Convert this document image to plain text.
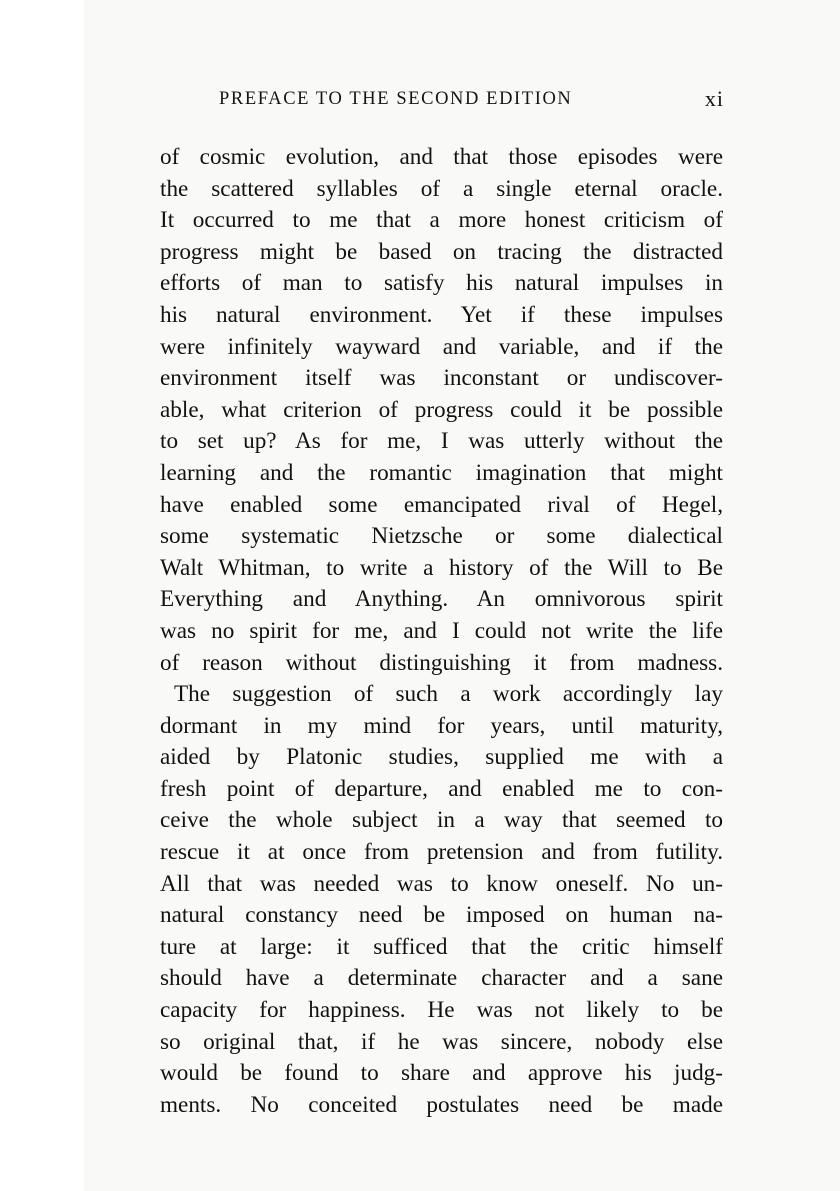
PREFACE TO THE SECOND EDITION	xi
of cosmic evolution, and that those episodes were
the scattered syllables of a single eternal oracle.
It occurred to me that a more honest criticism of
progress might be based on tracing the distracted
efforts of man to satisfy his natural impulses in
his natural environment. Yet if these impulses
were infinitely wayward and variable, and if the
environment itself was inconstant or undiscover-
able, what criterion of progress could it be possible
to set up? As for me, I was utterly without the
learning and the romantic imagination that might
have enabled some emancipated rival of Hegel,
some systematic Nietzsche or some dialectical
Walt Whitman, to write a history of the Will to Be
Everything and Anything. An omnivorous spirit
was no spirit for me, and I could not write the life
of reason without distinguishing it from madness.
The suggestion of such a work accordingly lay
dormant in my mind for years, until maturity,
aided by Platonic studies, supplied me with a
fresh point of departure, and enabled me to con-
ceive the whole subject in a way that seemed to
rescue it at once from pretension and from futility.
All that was needed was to know oneself. No un-
natural constancy need be imposed on human na-
ture at large: it sufficed that the critic himself
should have a determinate character and a sane
capacity for happiness. He was not likely to be
so original that, if he was sincere, nobody else
would be found to share and approve his judg-
ments. No conceited postulates need be made
